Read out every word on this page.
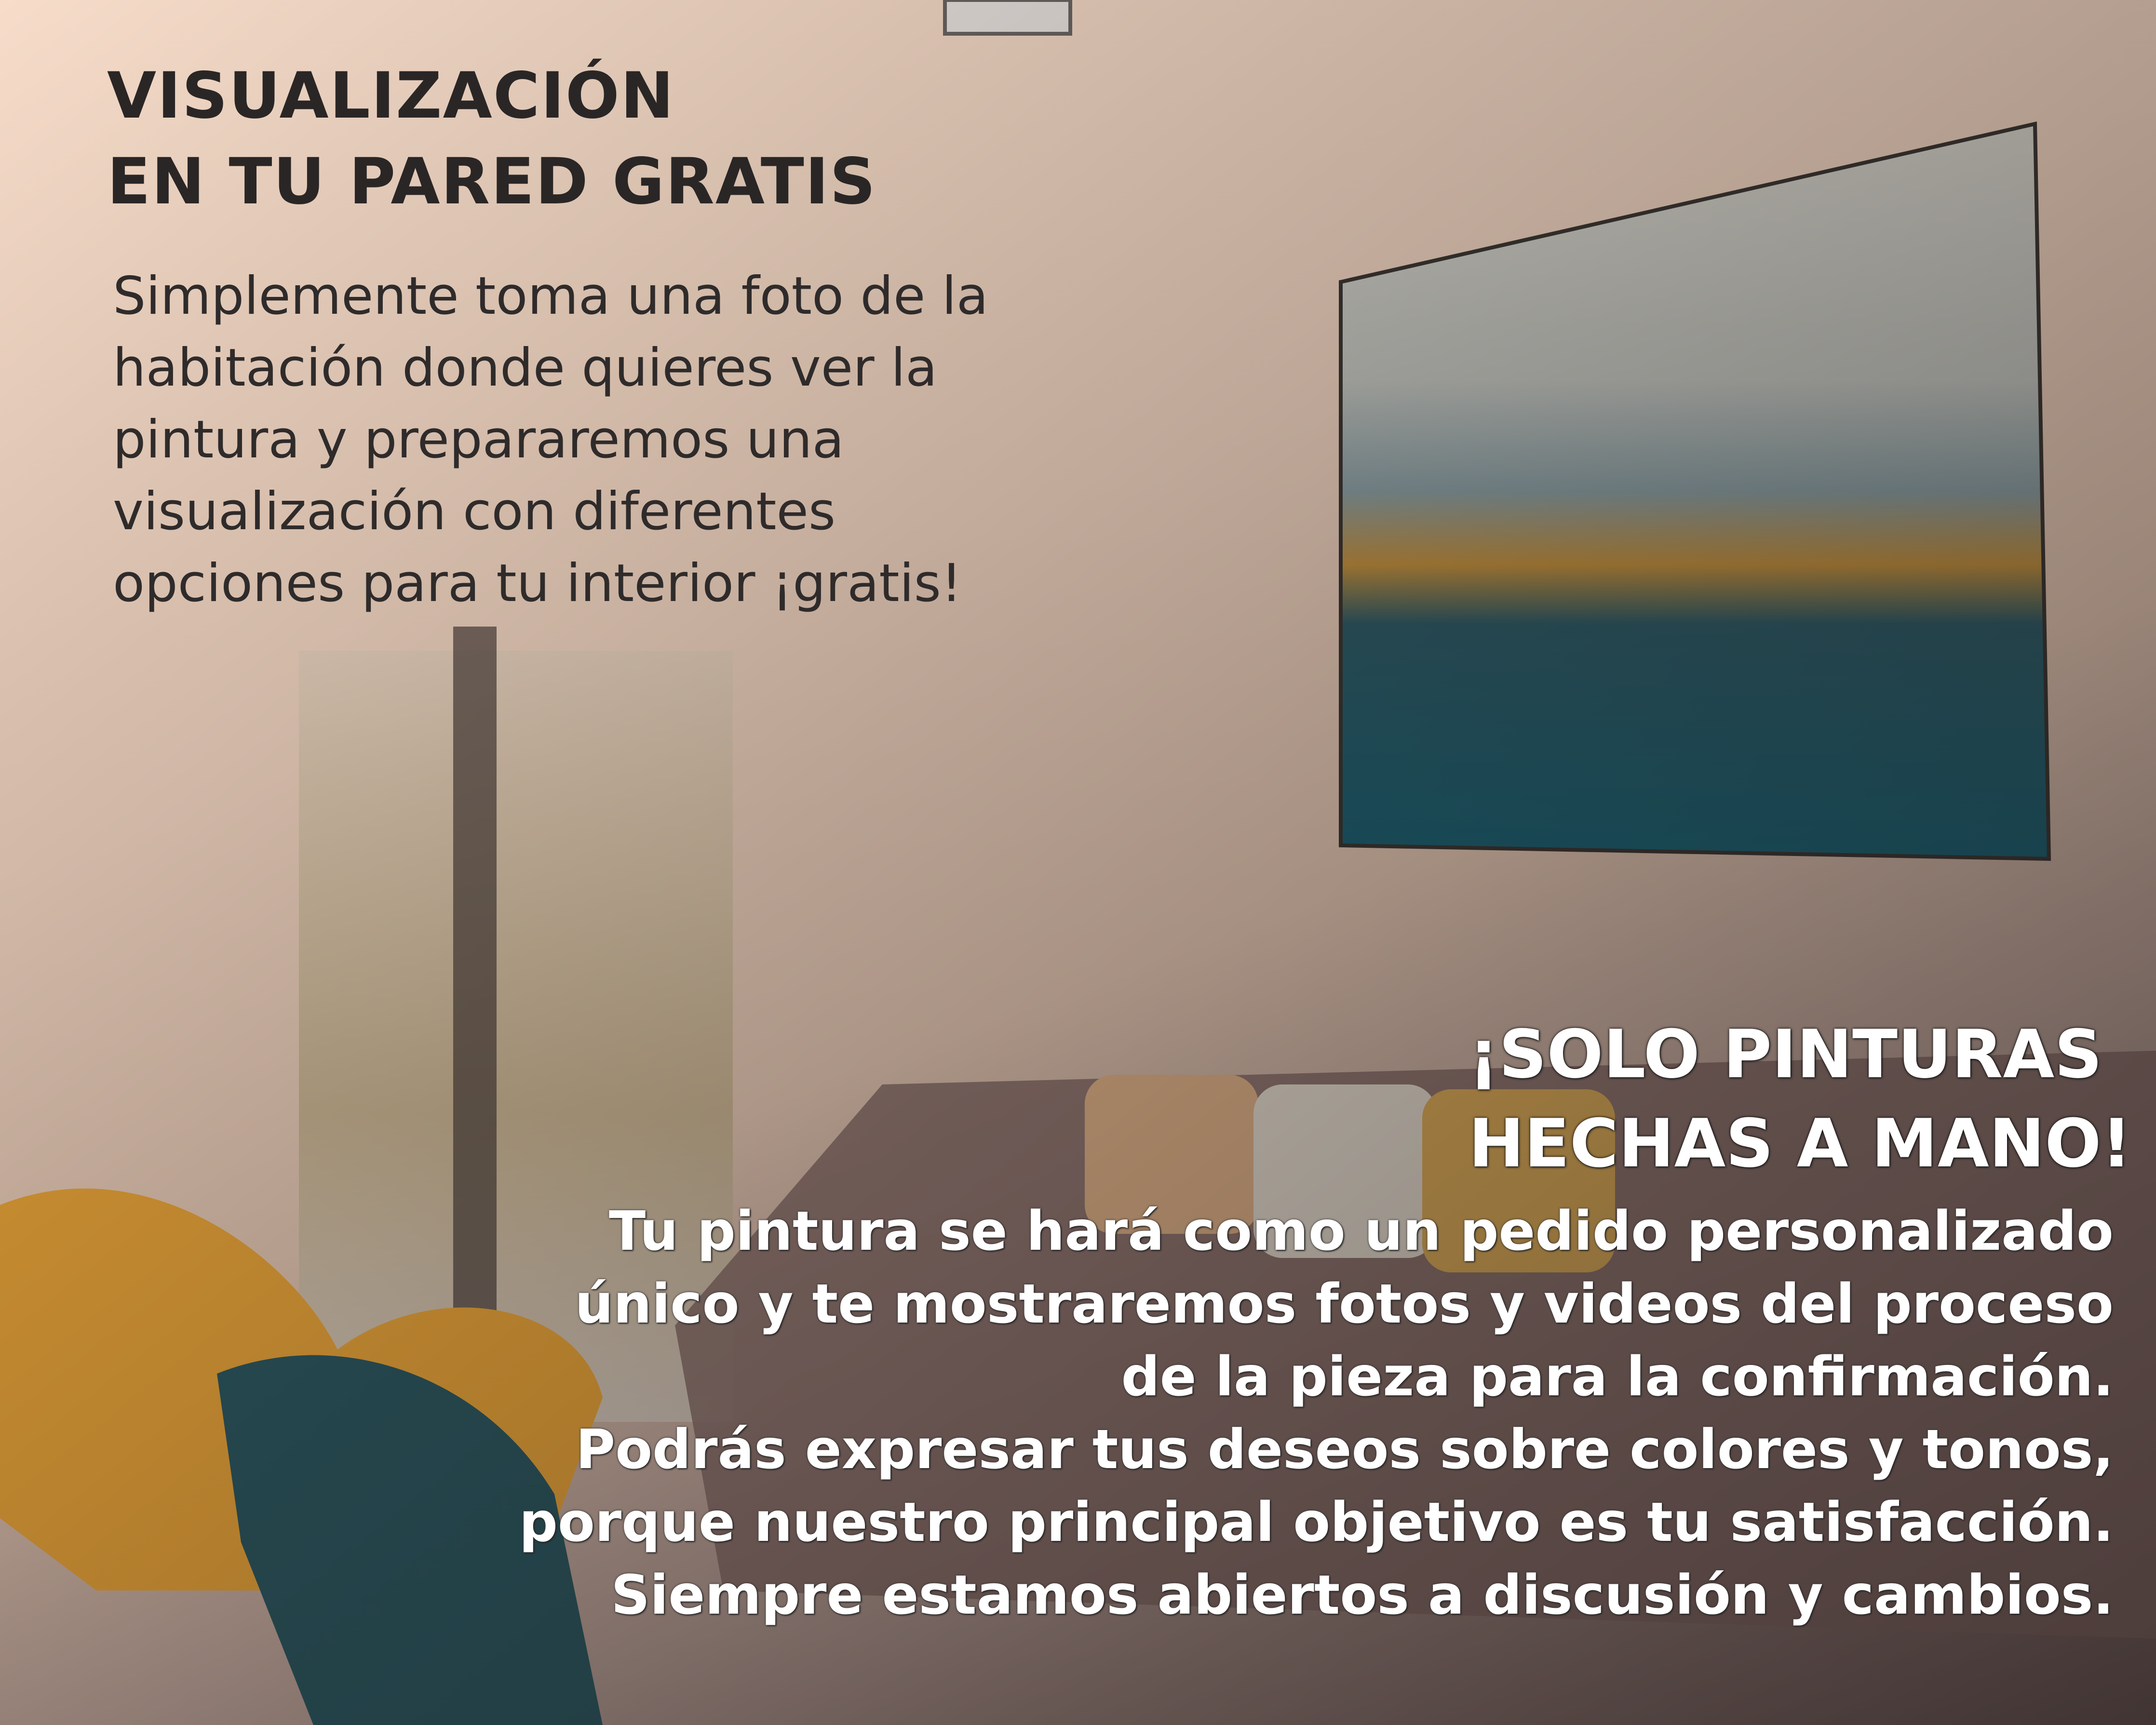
VISUALIZACIÓN
EN TU PARED GRATIS
Simplemente toma una foto de la
habitación donde quieres ver la
pintura y prepararemos una
visualización con diferentes
opciones para tu interior ¡gratis!
¡SOLO PINTURAS
HECHAS A MANO!
Tu pintura se hará como un pedido personalizado
único y te mostraremos fotos y videos del proceso
de la pieza para la confirmación.
Podrás expresar tus deseos sobre colores y tonos,
porque nuestro principal objetivo es tu satisfacción.
Siempre estamos abiertos a discusión y cambios.
